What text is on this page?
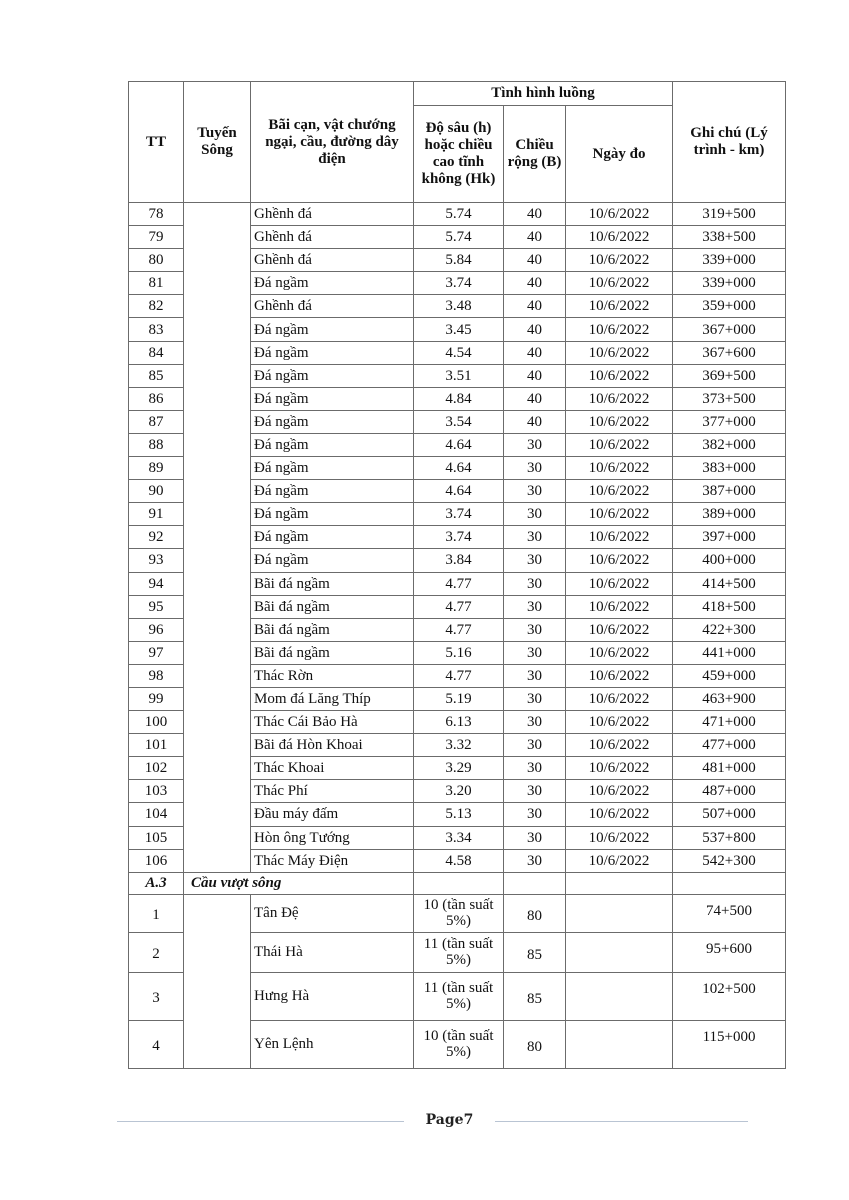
TT	Tuyến Sông	Bãi cạn, vật chướng ngại, cầu, đường dây điện	Tình hình luồng			Ghi chú (Lý trình - km)
			Độ sâu (h) hoặc chiều cao tĩnh không (Hk)	Chiều rộng (B)	Ngày đo	
78		Ghềnh đá	5.74	40	10/6/2022	319+500
79		Ghềnh đá	5.74	40	10/6/2022	338+500
80		Ghềnh đá	5.84	40	10/6/2022	339+000
81		Đá ngầm	3.74	40	10/6/2022	339+000
82		Ghềnh đá	3.48	40	10/6/2022	359+000
83		Đá ngầm	3.45	40	10/6/2022	367+000
84		Đá ngầm	4.54	40	10/6/2022	367+600
85		Đá ngầm	3.51	40	10/6/2022	369+500
86		Đá ngầm	4.84	40	10/6/2022	373+500
87		Đá ngầm	3.54	40	10/6/2022	377+000
88		Đá ngầm	4.64	30	10/6/2022	382+000
89		Đá ngầm	4.64	30	10/6/2022	383+000
90		Đá ngầm	4.64	30	10/6/2022	387+000
91		Đá ngầm	3.74	30	10/6/2022	389+000
92		Đá ngầm	3.74	30	10/6/2022	397+000
93		Đá ngầm	3.84	30	10/6/2022	400+000
94		Bãi đá ngầm	4.77	30	10/6/2022	414+500
95		Bãi đá ngầm	4.77	30	10/6/2022	418+500
96		Bãi đá ngầm	4.77	30	10/6/2022	422+300
97		Bãi đá ngầm	5.16	30	10/6/2022	441+000
98		Thác Rờn	4.77	30	10/6/2022	459+000
99		Mom đá Lăng Thíp	5.19	30	10/6/2022	463+900
100		Thác Cái Bảo Hà	6.13	30	10/6/2022	471+000
101		Bãi đá Hòn Khoai	3.32	30	10/6/2022	477+000
102		Thác Khoai	3.29	30	10/6/2022	481+000
103		Thác Phí	3.20	30	10/6/2022	487+000
104		Đầu máy đấm	5.13	30	10/6/2022	507+000
105		Hòn ông Tướng	3.34	30	10/6/2022	537+800
106		Thác Máy Điện	4.58	30	10/6/2022	542+300
A.3	Cầu vượt sông					
1		Tân Đệ	10 (tần suất 5%)	80		74+500
2		Thái Hà	11 (tần suất 5%)	85		95+600
3		Hưng Hà	11 (tần suất 5%)	85		102+500
4		Yên Lệnh	10 (tần suất 5%)	80		115+000
Page7
